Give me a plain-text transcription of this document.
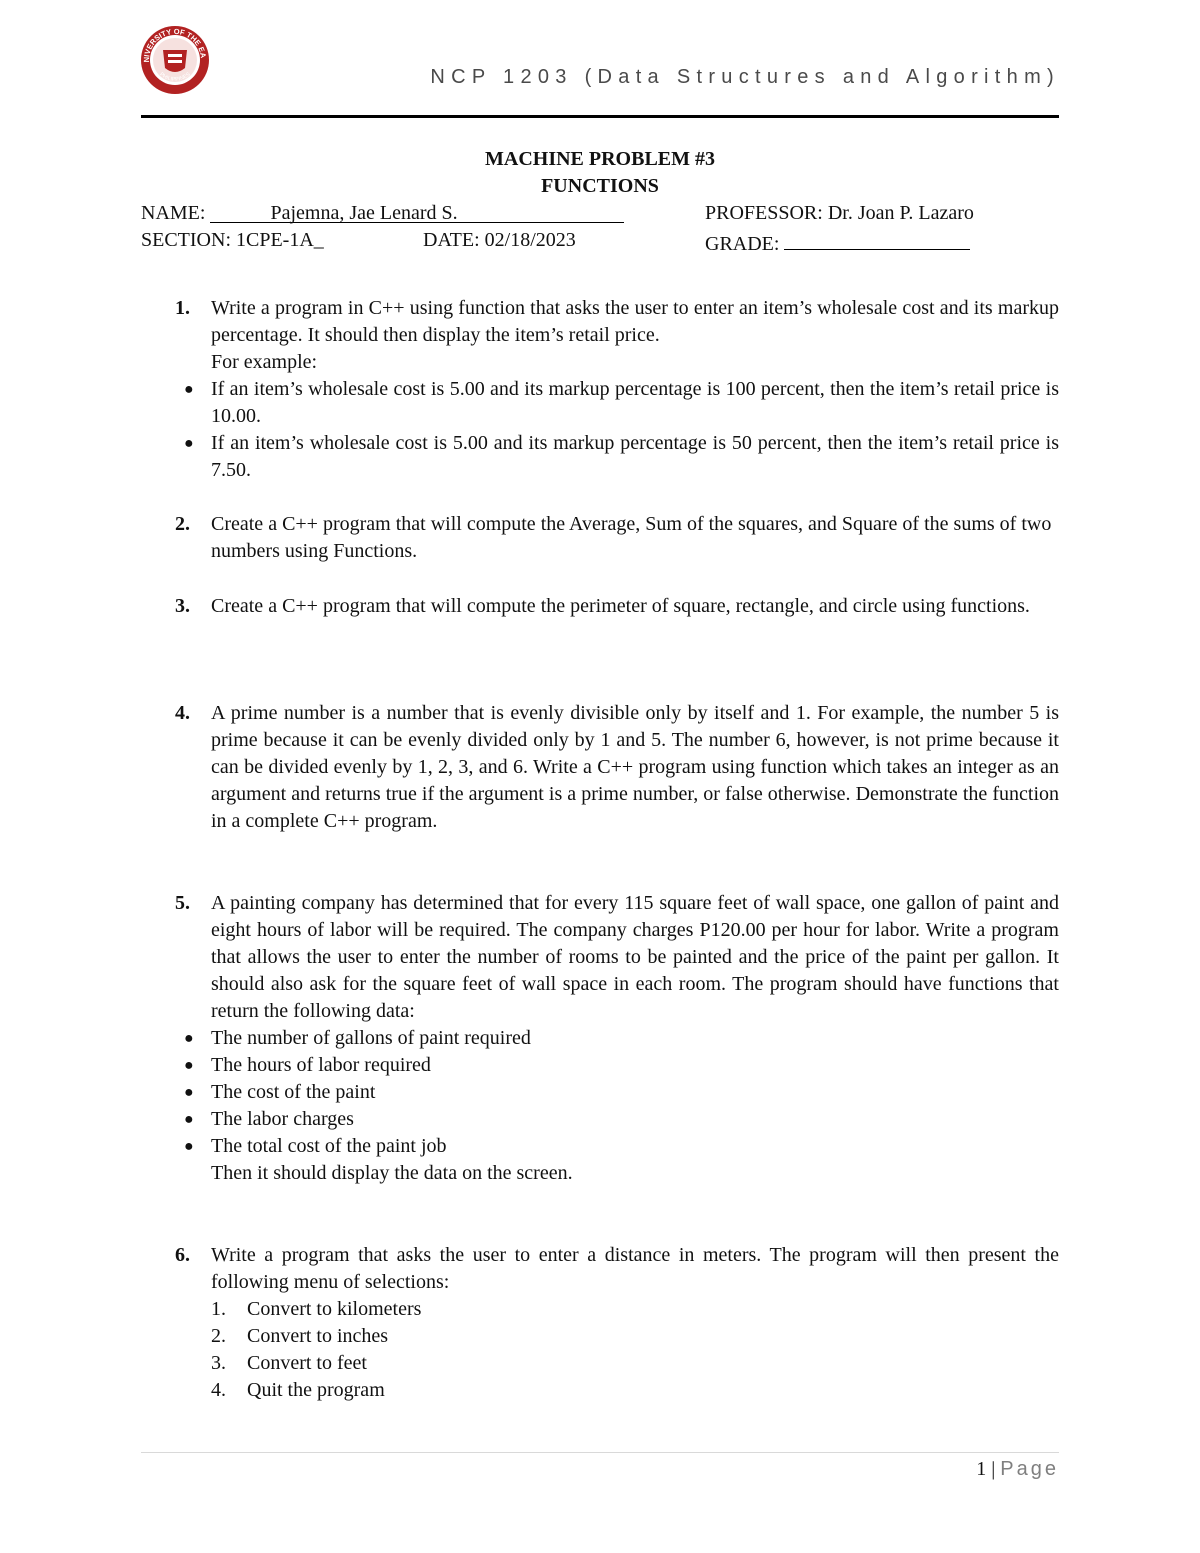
NIVERSITY OF THE EA
PHILIPPINES	NCP 1203 (Data Structures and Algorithm)
MACHINE PROBLEM #3
FUNCTIONS
NAME:	Pajemna, Jae Lenard S.	PROFESSOR: Dr. Joan P. Lazaro
SECTION: 1CPE-1A_	DATE: 02/18/2023	GRADE:
1. Write a program in C++ using function that asks the user to enter an item’s wholesale cost and its markup percentage. It should then display the item’s retail price.
For example:
● If an item’s wholesale cost is 5.00 and its markup percentage is 100 percent, then the item’s retail price is 10.00.
● If an item’s wholesale cost is 5.00 and its markup percentage is 50 percent, then the item’s retail price is 7.50.
2. Create a C++ program that will compute the Average, Sum of the squares, and Square of the sums of two numbers using Functions.
3. Create a C++ program that will compute the perimeter of square, rectangle, and circle using functions.
4. A prime number is a number that is evenly divisible only by itself and 1. For example, the number 5 is prime because it can be evenly divided only by 1 and 5. The number 6, however, is not prime because it can be divided evenly by 1, 2, 3, and 6. Write a C++ program using function which takes an integer as an argument and returns true if the argument is a prime number, or false otherwise. Demonstrate the function in a complete C++ program.
5. A painting company has determined that for every 115 square feet of wall space, one gallon of paint and eight hours of labor will be required. The company charges P120.00 per hour for labor. Write a program that allows the user to enter the number of rooms to be painted and the price of the paint per gallon. It should also ask for the square feet of wall space in each room. The program should have functions that return the following data:
● The number of gallons of paint required
● The hours of labor required
● The cost of the paint
● The labor charges
● The total cost of the paint job
Then it should display the data on the screen.
6. Write a program that asks the user to enter a distance in meters. The program will then present the following menu of selections:
1. Convert to kilometers
2. Convert to inches
3. Convert to feet
4. Quit the program
1 | Page
